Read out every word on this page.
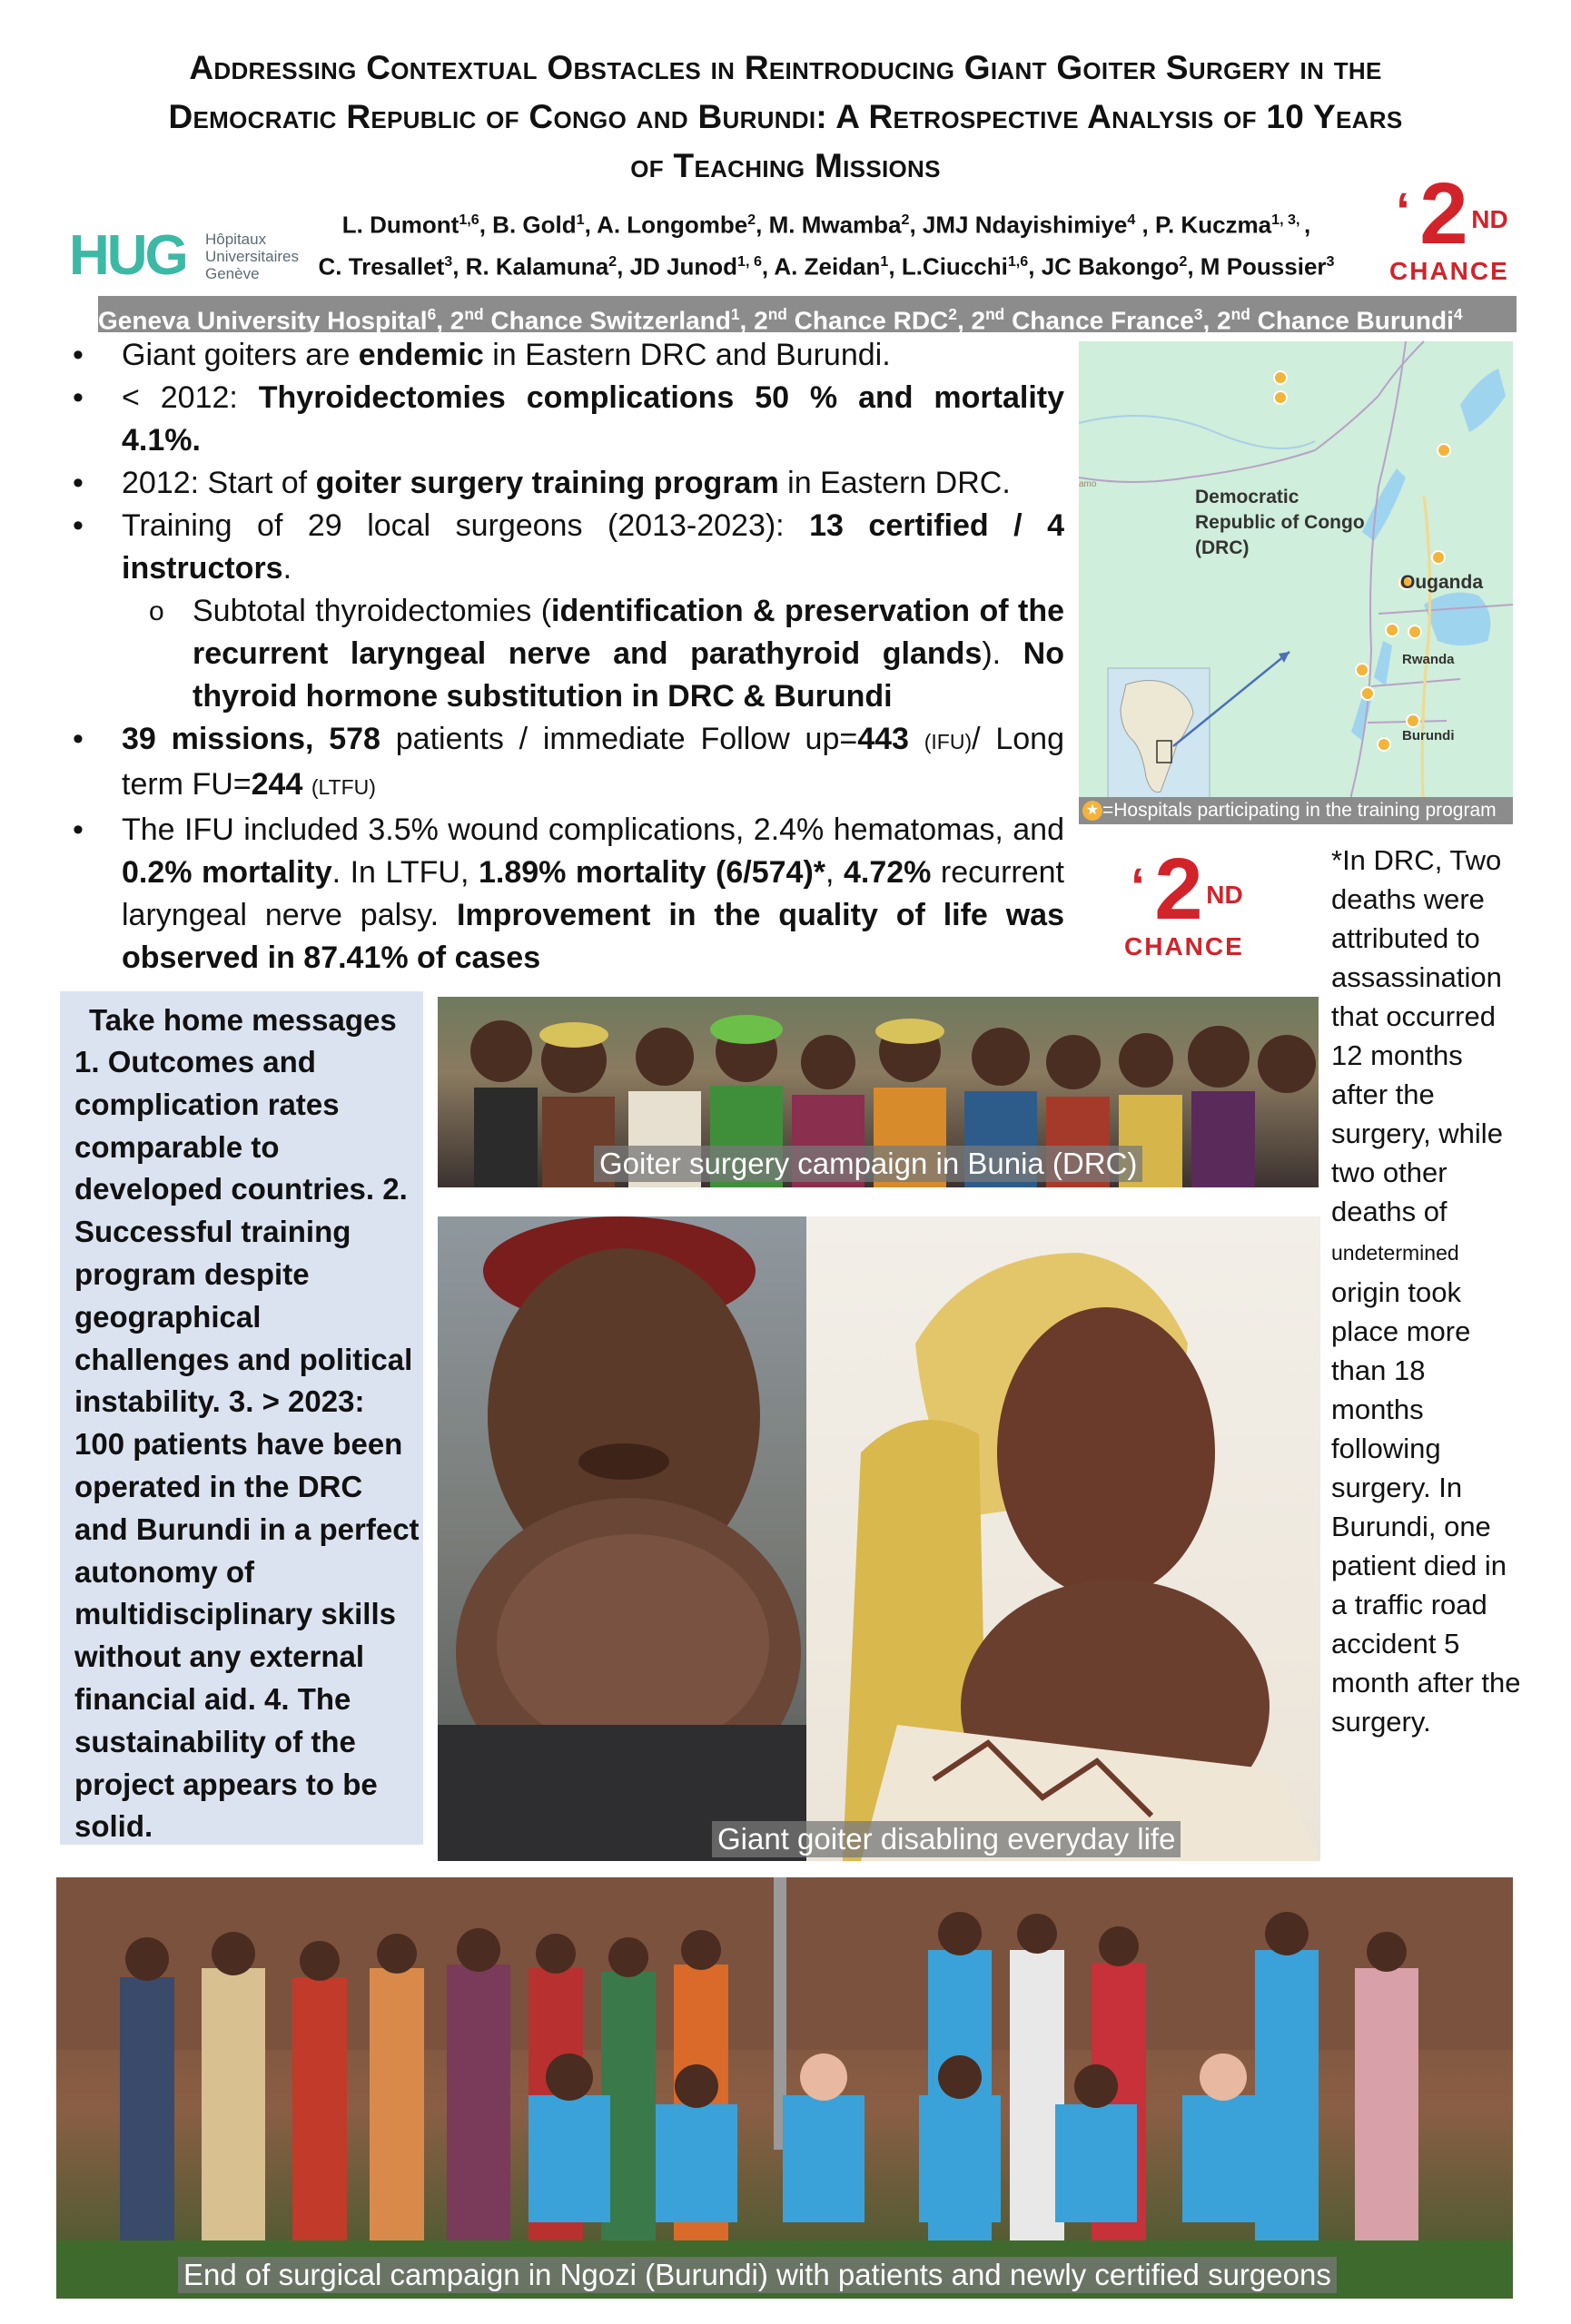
Addressing Contextual Obstacles in Reintroducing Giant Goiter Surgery in the Democratic Republic of Congo and Burundi: A Retrospective Analysis of 10 Years of Teaching Missions
HUG Hôpitaux
Universitaires
Genève
L. Dumont$^{1,6}$, B. Gold$^1$, A. Longombe$^2$, M. Mwamba$^2$, JMJ Ndayishimiye$^4$ , P. Kuczma$^{1, 3,}$ ,
C. Tresallet$^3$, R. Kalamuna$^2$, JD Junod$^{1, 6}$, A. Zeidan$^1$, L.Ciucchi$^{1,6}$, JC Bakongo$^2$, M Poussier$^3$
‘ 2 ND
CHANCE
Geneva University Hospital$^6$, 2nd Chance Switzerland$^1$, 2nd Chance RDC$^2$, 2nd Chance France$^3$, 2nd Chance Burundi$^4$
• Giant goiters are endemic in Eastern DRC and Burundi.
• < 2012: Thyroidectomies complications 50 % and mortality 4.1%.
• 2012: Start of goiter surgery training program in Eastern DRC.
• Training of 29 local surgeons (2013-2023): 13 certified / 4 instructors.
o Subtotal thyroidectomies (identification & preservation of the recurrent laryngeal nerve and parathyroid glands). No thyroid hormone substitution in DRC & Burundi
• 39 missions, 578 patients / immediate Follow up=443 (IFU)/ Long term FU=244 (LTFU)
• The IFU included 3.5% wound complications, 2.4% hematomas, and 0.2% mortality. In LTFU, 1.89% mortality (6/574)*, 4.72% recurrent laryngeal nerve palsy. Improvement in the quality of life was observed in 87.41% of cases
amo
Democratic
Republic of Congo
(DRC)
Ouganda
Rwanda
Burundi
★ =Hospitals participating in the training program
‘ 2 ND
CHANCE
*In DRC, Two deaths were attributed to assassination that occurred 12 months after the surgery, while two other deaths of undetermined origin took place more than 18 months following surgery. In Burundi, one patient died in a traffic road accident 5 month after the surgery.
Take home messages
1. Outcomes and complication rates comparable to developed countries. 2. Successful training program despite geographical challenges and political instability. 3. > 2023: 100 patients have been operated in the DRC and Burundi in a perfect autonomy of multidisciplinary skills without any external financial aid. 4. The sustainability of the project appears to be solid.
Goiter surgery campaign in Bunia (DRC)
Giant goiter disabling everyday life
End of surgical campaign in Ngozi (Burundi) with patients and newly certified surgeons
